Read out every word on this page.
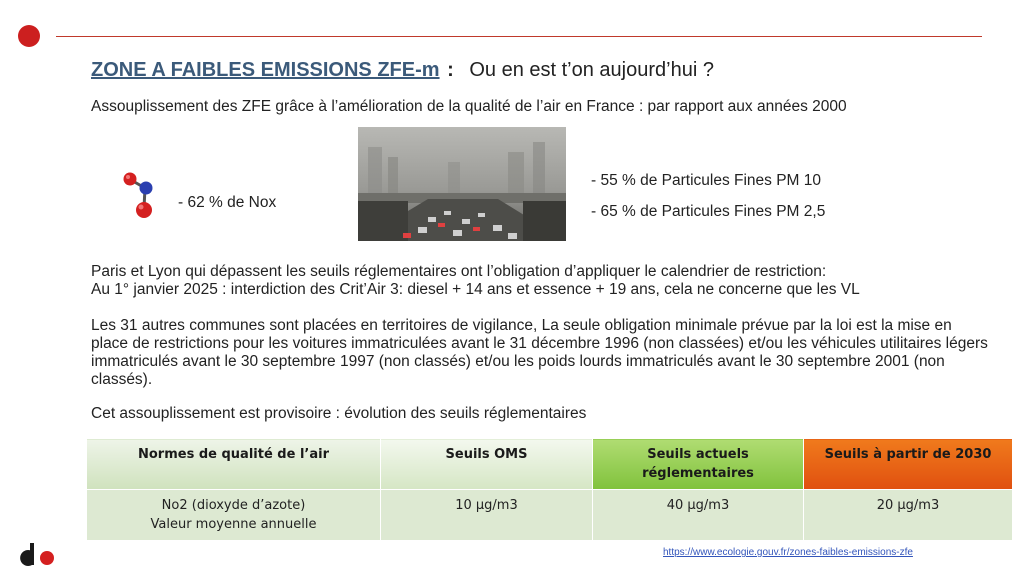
ZONE A FAIBLES EMISSIONS ZFE-m : Ou en est t’on aujourd’hui ?
Assouplissement des ZFE grâce à l’amélioration de la qualité de l’air en France : par rapport aux années 2000
- 62 % de Nox
- 55 % de Particules Fines PM 10
- 65 % de Particules Fines PM 2,5
Paris et Lyon qui dépassent les seuils réglementaires ont l’obligation d’appliquer le calendrier de restriction:
Au 1° janvier 2025 : interdiction des Crit’Air 3: diesel + 14 ans et essence + 19 ans, cela ne concerne que les VL
Les 31 autres communes sont placées en territoires de vigilance, La seule obligation minimale prévue par la loi est la mise en place de restrictions pour les voitures immatriculées avant le 31 décembre 1996 (non classées) et/ou les véhicules utilitaires légers immatriculés avant le 30 septembre 1997 (non classés) et/ou les poids lourds immatriculés avant le 30 septembre 2001 (non classés).
Cet assouplissement est provisoire : évolution des seuils réglementaires
Normes de qualité de l’air	Seuils OMS	Seuils actuels réglementaires	Seuils à partir de 2030

No2 (dioxyde d’azote)
Valeur moyenne annuelle	10 µg/m3	40 µg/m3	20 µg/m3
https://www.ecologie.gouv.fr/zones-faibles-emissions-zfe
